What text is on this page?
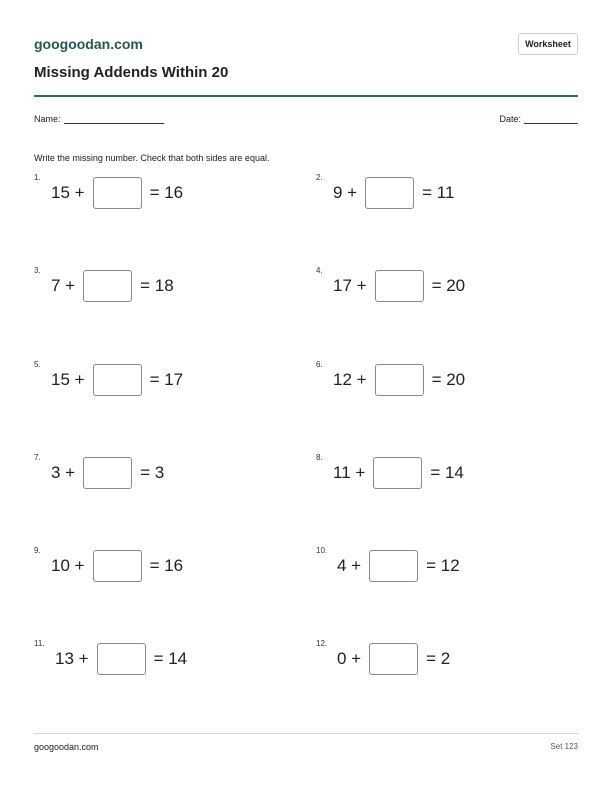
googoodan.com	Worksheet
Missing Addends Within 20
Name:	Date:
Write the missing number. Check that both sides are equal.
1.
15 +	= 16
2.
9 +	= 11
3.
7 +	= 18
4.
17 +	= 20
5.
15 +	= 17
6.
12 +	= 20
7.
3 +	= 3
8.
11 +	= 14
9.
10 +	= 16
10.
4 +	= 12
11.
13 +	= 14
12.
0 +	= 2
googoodan.com	Set 123
